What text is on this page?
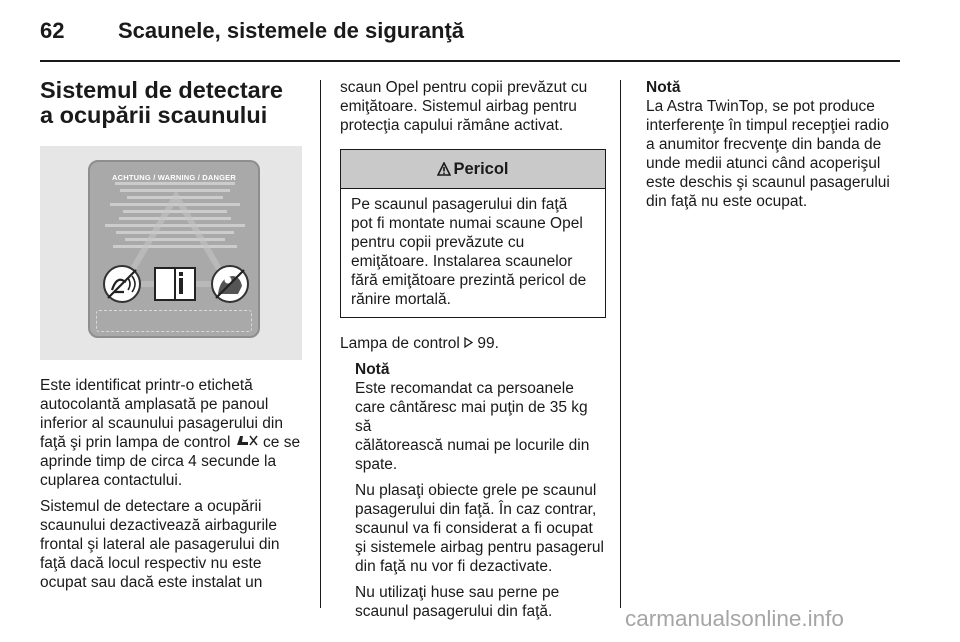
62 Scaunele, sistemele de siguranţă
Sistemul de detectare
a ocupării scaunului
ACHTUNG / WARNING / DANGER
Este identificat printr-o etichetă
autocolantă amplasată pe panoul
inferior al scaunului pasagerului din
faţă şi prin lampa de control  ce se
aprinde timp de circa 4 secunde la
cuplarea contactului.
Sistemul de detectare a ocupării
scaunului dezactivează airbagurile
frontal şi lateral ale pasagerului din
faţă dacă locul respectiv nu este
ocupat sau dacă este instalat un
scaun Opel pentru copii prevăzut cu
emiţătoare. Sistemul airbag pentru
protecţia capului rămâne activat.
Pericol
Pe scaunul pasagerului din faţă
pot fi montate numai scaune Opel
pentru copii prevăzute cu
emiţătoare. Instalarea scaunelor
fără emiţătoare prezintă pericol de
rănire mortală.
Lampa de control  99.
Notă
Este recomandat ca persoanele
care cântăresc mai puţin de 35 kg să
călătorească numai pe locurile din
spate.
Nu plasaţi obiecte grele pe scaunul
pasagerului din faţă. În caz contrar,
scaunul va fi considerat a fi ocupat
şi sistemele airbag pentru pasagerul
din faţă nu vor fi dezactivate.
Nu utilizaţi huse sau perne pe
scaunul pasagerului din faţă.
Notă
La Astra TwinTop, se pot produce
interferenţe în timpul recepţiei radio
a anumitor frecvenţe din banda de
unde medii atunci când acoperişul
este deschis şi scaunul pasagerului
din faţă nu este ocupat.
carmanualsonline.info
